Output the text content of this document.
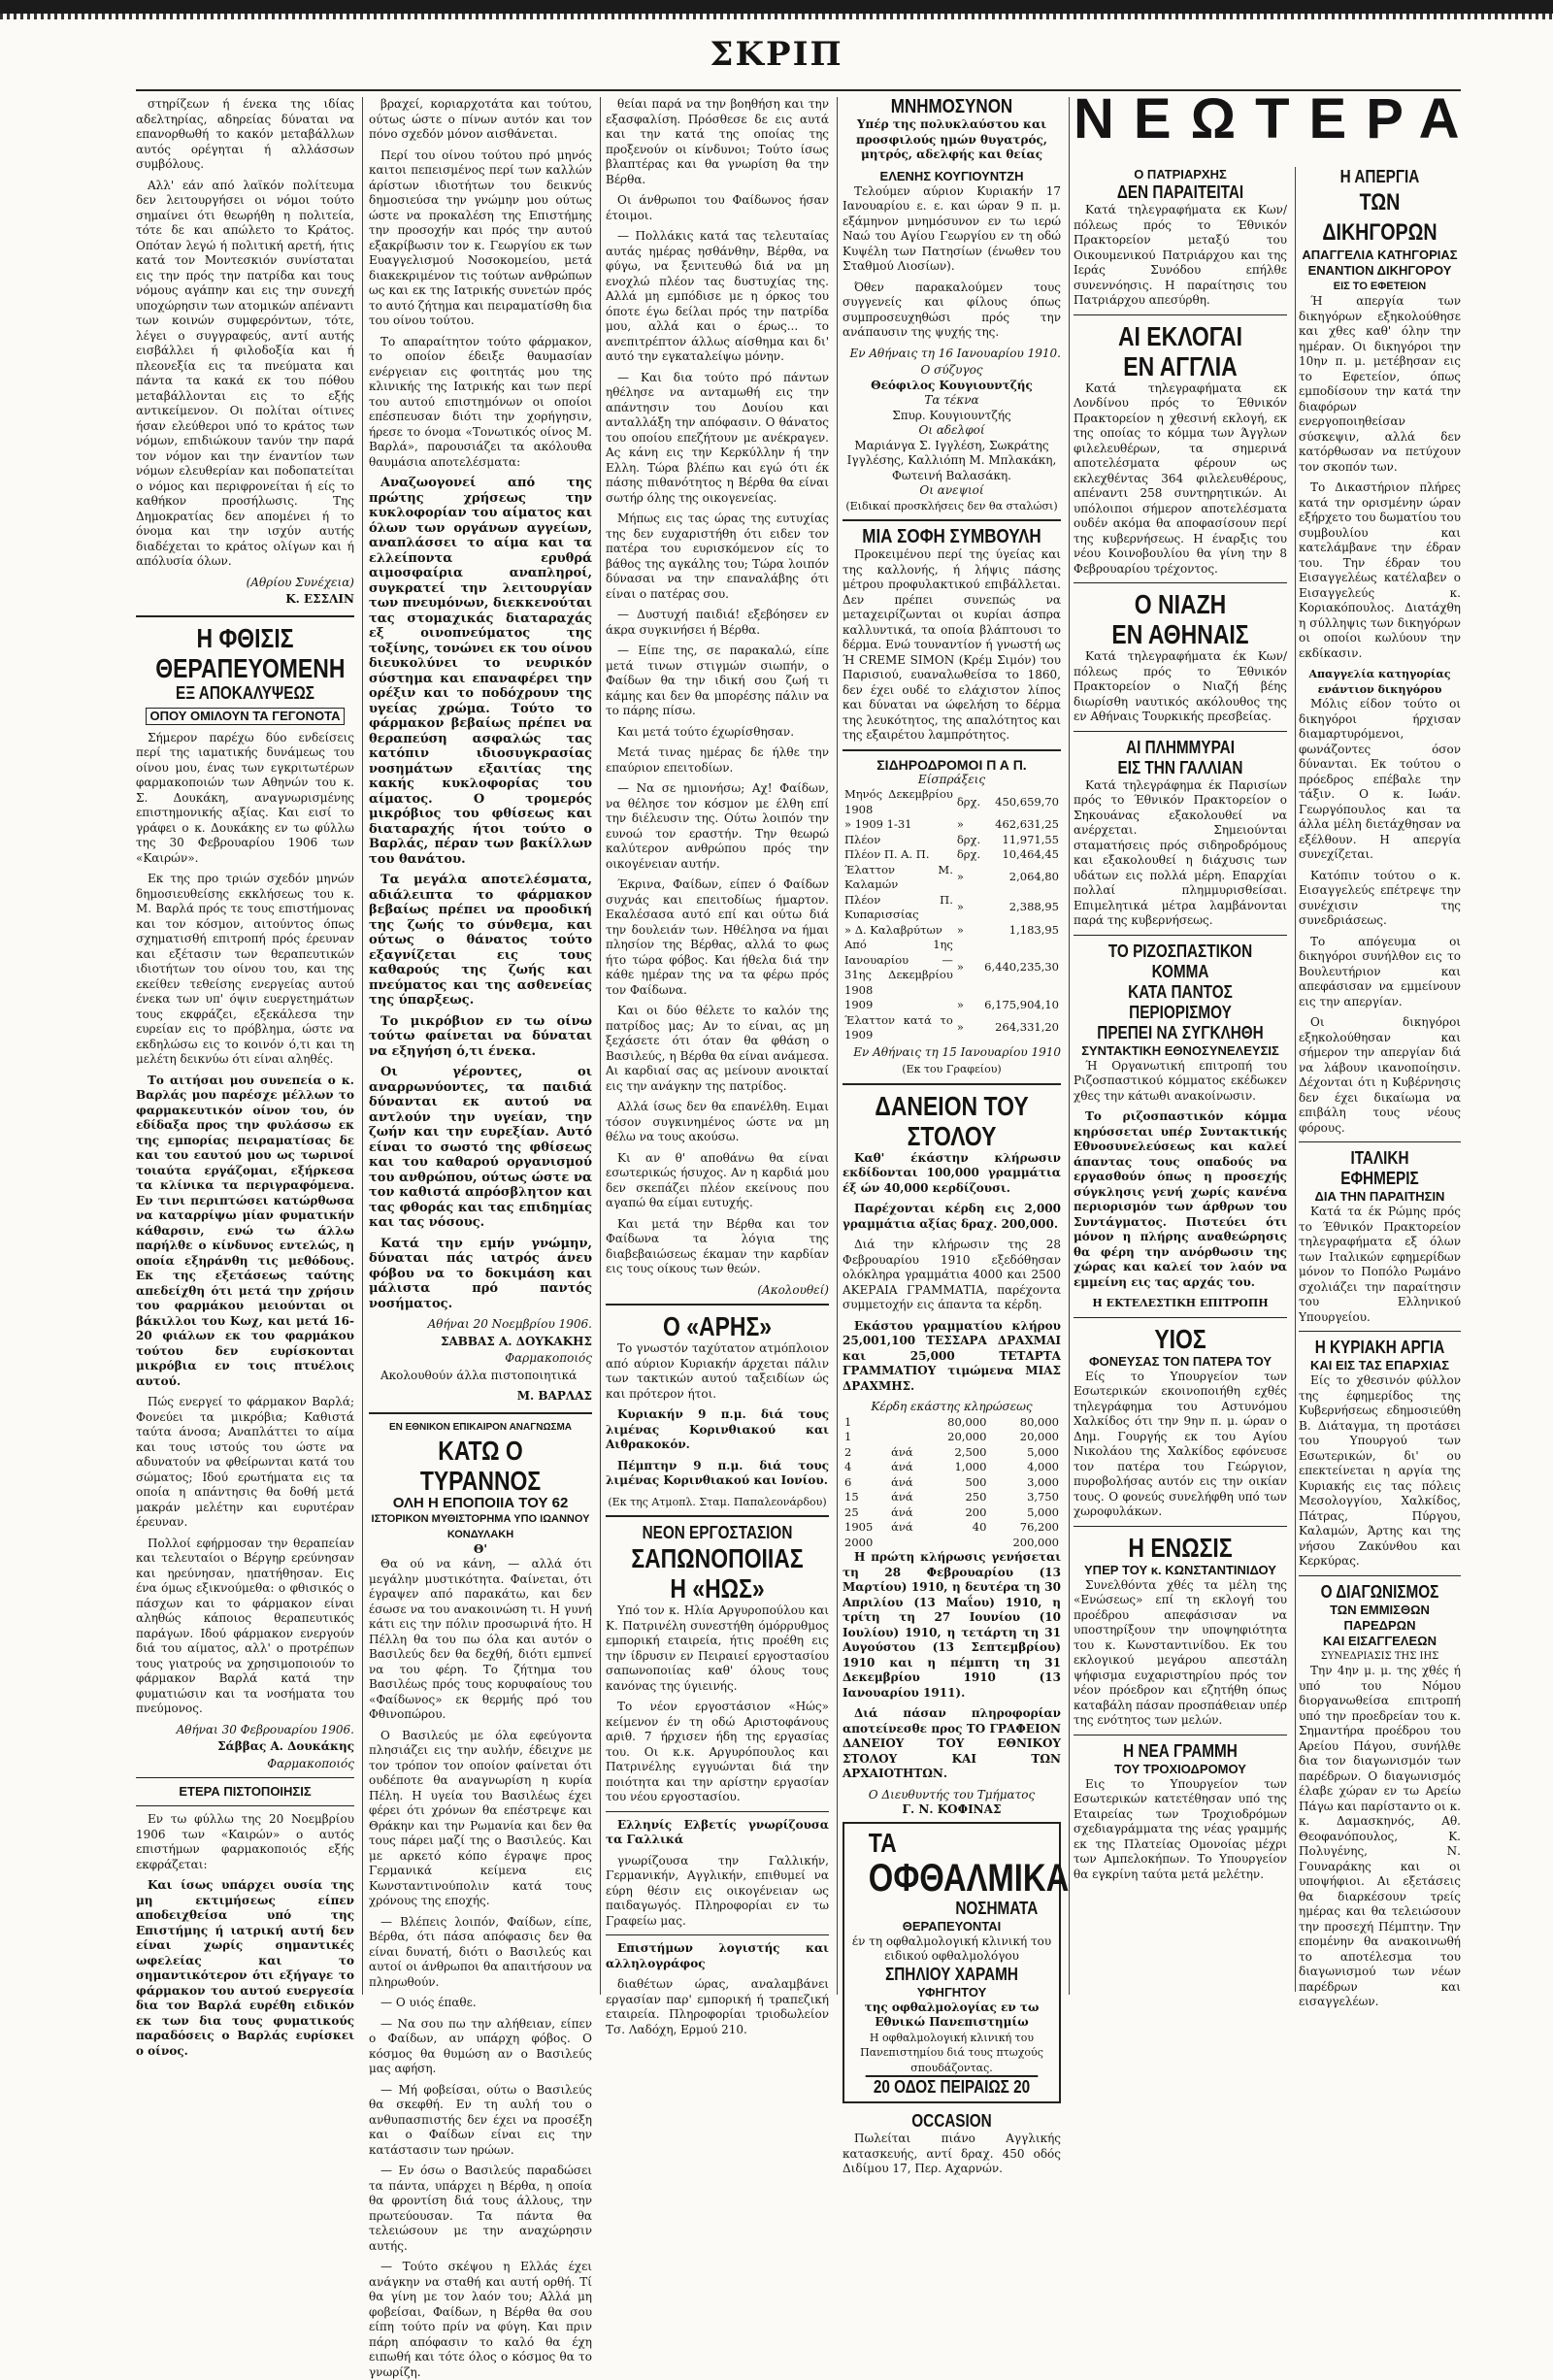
ΣΚΡΙΠ

στηρίζεων ή ένεκα της ιδίας αδελτηρίας, αδηρείας δύναται να επανορθωθή το κακόν μεταβάλλων αυτός ορέγηται ή αλλάσσων συμβόλους.

Αλλ' εάν από λαϊκόν πολίτευμα δεν λειτουργήσει οι νόμοι τούτο σημαίνει ότι θεωρήθη η πολιτεία, τότε δε και απώλετο το Κράτος. Οπόταν λεγώ ή πολιτική αρετή, ήτις κατά τον Μοντεσκιόν συνίσταται εις την πρός την πατρίδα και τους νόμους αγάπην και εις την συνεχή υποχώρησιν των ατομικών απέναντι των κοινών συμφερόντων, τότε, λέγει ο συγγραφεύς, αντί αυτής εισβάλλει ή φιλοδοξία και ή πλεονεξία εις τα πνεύματα και πάντα τα κακά εκ του πόθου μεταβάλλονται εις το εξής αντικείμενον. Οι πολίται οίτινες ήσαν ελεύθεροι υπό το κράτος των νόμων, επιδιώκουν τανύν την παρά τον νόμον και την έναντίον των νόμων ελευθερίαν και ποδοπατείται ο νόμος και περιφρονείται ή είς το καθήκον προσήλωσις. Της Δημοκρατίας δεν απομένει ή το όνομα και την ισχύν αυτής διαδέχεται το κράτος ολίγων και ή απόλυσία όλων.

(Αθρίου Συνέχεια)
Κ. ΕΣΣΛΙΝ
Η ΦΘΙΣΙΣ
ΘΕΡΑΠΕΥΟΜΕΝΗ
ΕΞ ΑΠΟΚΑΛΥΨΕΩΣ
ΟΠΟΥ ΟΜΙΛΟΥΝ ΤΑ ΓΕΓΟΝΟΤΑ

Σήμερον παρέχω δύο ενδείσεις περί της ιαματικής δυνάμεως του οίνου μου, ένας των εγκριτωτέρων φαρμακοποιών των Αθηνών του κ. Σ. Δουκάκη, αναγνωρισμένης επιστημονικής αξίας. Και εισί το γράφει ο κ. Δουκάκης εν τω φύλλω της 30 Φεβρουαρίου 1906 των «Καιρών».

Εκ της προ τριών σχεδόν μηνών δημοσιευθείσης εκκλήσεως του κ. Μ. Βαρλά πρός τε τους επιστήμονας και τον κόσμον, αιτούντος όπως σχηματισθή επιτροπή πρός έρευναν και εξέτασιν των θεραπευτικών ιδιοτήτων του οίνου του, και της εκείθεν τεθείσης ενεργείας αυτού ένεκα των υπ' όψιν ευεργετημάτων τους εκφράζει, εξεκάλεσα την ευρείαν εις το πρόβλημα, ώστε να εκδηλώσω εις το κοινόν ό,τι και τη μελέτη δεικνύω ότι είναι αληθές.

Το αιτήσαι μου συνεπεία ο κ. Βαρλάς μου παρέσχε μέλλων το φαρμακευτικόν οίνον του, όν εδίδαξα προς την φυλάσσω εκ της εμπορίας πειραματίσας δε και του εαυτού μου ως τωρινοί τοιαύτα εργάζομαι, εξήρκεσα τα κλίνικα τα περιγραφόμενα. Εν τινι περιπτώσει κατώρθωσα να καταρρίψω μίαν φυματικήν κάθαρσιν, ενώ τω άλλω παρήλθε ο κίνδυνος εντελώς, η οποία εξηράνθη τις μεθόδους. Εκ της εξετάσεως ταύτης απεδείχθη ότι μετά την χρήσιν του φαρμάκου μειούνται οι βάκιλλοι του Κωχ, και μετά 16-20 φιάλων εκ του φαρμάκου τούτου δεν ευρίσκονται μικρόβια εν τοις πτυέλοις αυτού.

Πώς ενεργεί το φάρμακον Βαρλά; Φονεύει τα μικρόβια; Καθιστά ταύτα άνοσα; Αναπλάττει το αίμα και τους ιστούς του ώστε να αδυνατούν να φθείρωνται κατά του σώματος; Ιδού ερωτήματα εις τα οποία η απάντησις θα δοθή μετά μακράν μελέτην και ευρυτέραν έρευναν.

Πολλοί εφήρμοσαν την θεραπείαν και τελευταίοι ο Βέργηρ ερεύνησαν και ηρεύνησαν, ηπατήθησαν. Εις ένα όμως εξικνούμεθα: ο φθισικός ο πάσχων και το φάρμακον είναι αληθώς κάποιος θεραπευτικός παράγων. Ιδού φάρμακον ενεργούν διά του αίματος, αλλ' ο προτρέπων τους γιατρούς να χρησιμοποιούν το φάρμακον Βαρλά κατά την φυματιώσιν και τα νοσήματα του πνεύμονος.

Αθήναι 30 Φεβρουαρίου 1906.
Σάββας Α. Δουκάκης
Φαρμακοποιός
ΕΤΕΡΑ ΠΙΣΤΟΠΟΙΗΣΙΣ

Εν τω φύλλω της 20 Νοεμβρίου 1906 των «Καιρών» ο αυτός επιστήμων φαρμακοποιός εξής εκφράζεται:

Και ίσως υπάρχει ουσία της μη εκτιμήσεως είπεν αποδειχθείσα υπό της Επιστήμης ή ιατρική αυτή δεν είναι χωρίς σημαντικές ωφελείας και το σημαντικότερον ότι εξήγαγε το φάρμακον του αυτού ευεργεσία δια τον Βαρλά ευρέθη ειδικόν εκ των δια τους φυματικούς παραδόσεις ο Βαρλάς ευρίσκει ο οίνος.

βραχεί, κοριαρχοτάτα και τούτου, ούτως ώστε ο πίνων αυτόν και τον πόνο σχεδόν μόνον αισθάνεται.

Περί του οίνου τούτου πρό μηνός καιτοι πεπεισμένος περί των καλλών άρίστων ιδιοτήτων του δεικνύς δημοσιεύσα την γνώμην μου ούτως ώστε να προκαλέση της Επιστήμης την προσοχήν και πρός την αυτού εξακρίβωσιν τον κ. Γεωργίου εκ των Ευαγγελισμού Νοσοκομείου, μετά διακεκριμένον τις τούτων ανθρώπων ως και εκ της Ιατρικής συνετών πρός το αυτό ζήτημα και πειραματίσθη δια του οίνου τούτου.

Το απαραίτητον τούτο φάρμακον, το οποίον έδειξε θαυμασίαν ενέργειαν εις φοιτητάς μου της κλινικής της Ιατρικής και των περί του αυτού επιστημόνων οι οποίοι επέσπευσαν διότι την χορήγησιν, ήρεσε το όνομα «Τονωτικός οίνος Μ. Βαρλά», παρουσιάζει τα ακόλουθα θαυμάσια αποτελέσματα:

Αναζωογονεί από της πρώτης χρήσεως την κυκλοφορίαν του αίματος και όλων των οργάνων αγγείων, αναπλάσσει το αίμα και τα ελλείποντα ερυθρά αιμοσφαίρια αναπληροί, συγκρατεί την λειτουργίαν των πνευμόνων, διεκκενούται τας στομαχικάς διαταραχάς εξ οινοπνεύματος της τοξίνης, τονώνει εκ του οίνου διευκολύνει το νευρικόν σύστημα και επαναφέρει την ορέξιν και το ποδόχρουν της υγείας χρώμα. Τούτο το φάρμακον βεβαίως πρέπει να θεραπεύση ασφαλώς τας κατόπιν ιδιοσυγκρασίας νοσημάτων εξαιτίας της κακής κυκλοφορίας του αίματος. Ο τρομερός μικρόβιος του φθίσεως και διαταραχής ήτοι τούτο ο Βαρλάς, πέραν των βακίλλων του θανάτου.

Τα μεγάλα αποτελέσματα, αδιάλειπτα το φάρμακον βεβαίως πρέπει να προοδική της ζωής το σύνθεμα, και ούτως ο θάνατος τούτο εξαγνίζεται εις τους καθαρούς της ζωής και πνεύματος και της ασθενείας της ύπαρξεως.

Το μικρόβιον εν τω οίνω τούτω φαίνεται να δύναται να εξηγήση ό,τι ένεκα.

Οι γέροντες, οι αναρρωνύοντες, τα παιδιά δύνανται εκ αυτού να αντλούν την υγείαν, την ζωήν και την ευρεξίαν. Αυτό είναι το σωστό της φθίσεως και του καθαρού οργανισμού του ανθρώπου, ούτως ώστε να τον καθιστά απρόσβλητον και τας φθοράς και τας επιδημίας και τας νόσους.

Κατά την εμήν γνώμην, δύναται πάς ιατρός άνευ φόβου να το δοκιμάση και μάλιστα πρό παντός νοσήματος.

Αθήναι 20 Νοεμβρίου 1906.
ΣΑΒΒΑΣ Α. ΔΟΥΚΑΚΗΣ
Φαρμακοποιός

Ακολουθούν άλλα πιστοποιητικά

Μ. ΒΑΡΛΑΣ
ΕΝ ΕΘΝΙΚΟΝ ΕΠΙΚΑΙΡΟΝ ΑΝΑΓΝΩΣΜΑ
ΚΑΤΩ Ο ΤΥΡΑΝΝΟΣ
ΟΛΗ Η ΕΠΟΠΟΙΙΑ ΤΟΥ 62
ΙΣΤΟΡΙΚΟΝ ΜΥΘΙΣΤΟΡΗΜΑ ΥΠΟ ΙΩΑΝΝΟΥ ΚΟΝΔΥΛΑΚΗ
Θ'

Θα ού να κάνη, — αλλά ότι μεγάλην μυστικότητα. Φαίνεται, ότι έγραψεν από παρακάτω, και δεν έσωσε να του ανακοινώση τι. Η γυνή κάτι εις την πόλιν προσωρινά ήτο. Η Πέλλη θα του πω όλα και αυτόν ο Βασιλεύς δεν θα δεχθή, διότι εμπνεί να του φέρη. Το ζήτημα του Βασιλέως πρός τους κορυφαίους του «Φαίδωνος» εκ θερμής πρό του Φθινοπώρου.

Ο Βασιλεύς με όλα εφεύγοντα πλησιάζει εις την αυλήν, έδειχνε με τον τρόπον τον οποίον φαίνεται ότι ουδέποτε θα αναγνωρίση η κυρία Πέλη. Η υγεία του Βασιλέως έχει φέρει ότι χρόνων θα επέστρεψε και Θράκην και την Ρωμανία και δεν θα τους πάρει μαζί της ο Βασιλεύς. Και με αρκετό κόπο έγραψε προς Γερμανικά κείμενα εις Κωνσταντινούπολιν κατά τους χρόνους της εποχής.

— Βλέπεις λοιπόν, Φαίδων, είπε, Βέρθα, ότι πάσα απόφασις δεν θα είναι δυνατή, διότι ο Βασιλεύς και αυτοί οι άνθρωποι θα απαιτήσουν να πληρωθούν.

— Ο υιός έπαθε.

— Να σου πω την αλήθειαν, είπεν ο Φαίδων, αν υπάρχη φόβος. Ο κόσμος θα θυμώση αν ο Βασιλεύς μας αφήση.

— Μή φοβείσαι, ούτω ο Βασιλεύς θα σκεφθή. Εν τη αυλή του ο ανθυπασπιστής δεν έχει να προσέξη και ο Φαίδων είναι εις την κατάστασιν των ηρώων.

— Εν όσω ο Βασιλεύς παραδώσει τα πάντα, υπάρχει η Βέρθα, η οποία θα φροντίση διά τους άλλους, την πρωτεύουσαν. Τα πάντα θα τελειώσουν με την αναχώρησιν αυτής.

— Τούτο σκέψου η Ελλάς έχει ανάγκην να σταθή και αυτή ορθή. Τί θα γίνη με τον λαόν του; Αλλά μη φοβείσαι, Φαίδων, η Βέρθα θα σου είπη τούτο πρίν να φύγη. Και πριν πάρη απόφασιν το καλό θα έχη ειπωθή και τότε όλος ο κόσμος θα το γνωρίζη.

θείαι παρά να την βοηθήση και την εξασφαλίση. Πρόσθεσε δε εις αυτά και την κατά της οποίας της προξενούν οι κίνδυνοι; Τούτο ίσως βλαπτέρας και θα γνωρίση θα την Βέρθα.

Οι άνθρωποι του Φαίδωνος ήσαν έτοιμοι.

— Πολλάκις κατά τας τελευταίας αυτάς ημέρας ησθάνθην, Βέρθα, να φύγω, να ξενιτευθώ διά να μη ενοχλώ πλέον τας δυστυχίας της. Αλλά μη εμπόδισε με η όρκος του όποτε έγω δείλαι πρός την πατρίδα μου, αλλά και ο έρως... το ανεπιτρέπτον άλλως αίσθημα και δι' αυτό την εγκαταλείψω μόνην.

— Και δια τούτο πρό πάντων ηθέλησε να ανταμωθή εις την απάντησιν του Δουίου και ανταλλάξη την απόφασιν. Ο θάνατος του οποίου επεζήτουν με ανέκραγεν. Ας κάνη εις την Κερκύλλην ή την Ελλη. Τώρα βλέπω και εγώ ότι έκ πάσης πιθανότητος η Βέρθα θα είναι σωτήρ όλης της οικογενείας.

Μήπως εις τας ώρας της ευτυχίας της δεν ευχαριστήθη ότι ειδεν τον πατέρα του ευρισκόμενον είς το βάθος της αγκάλης του; Τώρα λοιπόν δύνασαι να την επαναλάβης ότι είναι ο πατέρας σου.

— Δυστυχή παιδιά! εξεβόησεν εν άκρα συγκινήσει ή Βέρθα.

— Είπε της, σε παρακαλώ, είπε μετά τινων στιγμών σιωπήν, ο Φαίδων θα την ιδική σου ζωή τι κάμης και δεν θα μπορέσης πάλιν να το πάρης πίσω.

Και μετά τούτο έχωρίσθησαν.

Μετά τινας ημέρας δε ήλθε την επαύριον επειτοδίων.

— Να σε ημιονήσω; Αχ! Φαίδων, να θέλησε τον κόσμον με έλθη επί την διέλευσιν της. Ούτω λοιπόν την ευνοώ τον εραστήν. Την θεωρώ καλύτερον ανθρώπου πρός την οικογένειαν αυτήν.

Έκρινα, Φαίδων, είπεν ό Φαίδων συχνάς και επειτοδίως ήμαρτον. Εκαλέσασα αυτό επί και ούτω διά την δουλειάν των. Ηθέλησα να ήμαι πλησίον της Βέρθας, αλλά το φως ήτο τώρα φόβος. Και ήθελα διά την κάθε ημέραν της να τα φέρω πρός τον Φαίδωνα.

Και οι δύο θέλετε το καλόν της πατρίδος μας; Αν το είναι, ας μη ξεχάσετε ότι όταν θα φθάση ο Βασιλεύς, η Βέρθα θα είναι ανάμεσα. Αι καρδιαί σας ας μείνουν ανοικταί εις την ανάγκην της πατρίδος.

Αλλά ίσως δεν θα επανέλθη. Ειμαι τόσον συγκινημένος ώστε να μη θέλω να τους ακούσω.

Κι αν θ' αποθάνω θα είναι εσωτερικώς ήσυχος. Αν η καρδιά μου δεν σκεπάζει πλέον εκείνους που αγαπώ θα είμαι ευτυχής.

Και μετά την Βέρθα και τον Φαίδωνα τα λόγια της διαβεβαιώσεως έκαμαν την καρδίαν εις τους οίκους των θεών.

(Ακολουθεί)
Ο «ΑΡΗΣ»

Το γνωστόν ταχύτατον ατμόπλοιον από αύριον Κυριακήν άρχεται πάλιν των τακτικών αυτού ταξειδίων ώς και πρότερον ήτοι.

Κυριακήν 9 π.μ. διά τους λιμένας Κορινθιακού και Αιθρακοκόν.

Πέμπτην 9 π.μ. διά τους λιμένας Κορινθιακού και Ιονίου.

(Εκ της Ατμοπλ. Σταμ. Παπαλεονάρδου)
ΝΕΟΝ ΕΡΓΟΣΤΑΣΙΟΝ
ΣΑΠΩΝΟΠΟΙΙΑΣ
Η «ΗΩΣ»

Υπό τον κ. Ηλία Αργυροπούλου και Κ. Πατρινέλη συνεστήθη όμόρρυθμος εμπορική εταιρεία, ήτις προέθη εις την ίδρυσιν εν Πειραιεί εργοστασίου σαπωνοποιίας καθ' όλους τους κανόνας της ύγιεινής.

Το νέον εργοστάσιον «Ηώς» κείμενον έν τη οδώ Αριστοφάνους αριθ. 7 ήρχισεν ήδη της εργασίας του. Οι κ.κ. Αργυρόπουλος και Πατρινέλης εγγυώνται διά την ποιότητα και την αρίστην εργασίαν του νέου εργοστασίου.

Ελληνίς Ελβετίς γνωρίζουσα τα Γαλλικά

γνωρίζουσα την Γαλλικήν, Γερμανικήν, Αγγλικήν, επιθυμεί να εύρη θέσιν εις οικογένειαν ως παιδαγωγός. Πληροφορίαι εν τω Γραφείω μας.

Επιστήμων λογιστής και αλληλογράφος

διαθέτων ώρας, αναλαμβάνει εργασίαν παρ' εμπορική ή τραπεζική εταιρεία. Πληροφορίαι τριοδωλείον Τσ. Λαδόχη, Ερμού 210.

ΜΝΗΜΟΣΥΝΟΝ

Υπέρ της πολυκλαύστου και προσφιλούς ημών θυγατρός, μητρός, αδελφής και θείας

ΕΛΕΝΗΣ ΚΟΥΓΙΟΥΝΤΖΗ

Τελούμεν αύριον Κυριακήν 17 Ιανουαρίου ε. ε. και ώραν 9 π. μ. εξάμηνον μνημόσυνον εν τω ιερώ Ναώ του Αγίου Γεωργίου εν τη οδώ Κυψέλη των Πατησίων (ένωθεν του Σταθμού Λιοσίων).

Όθεν παρακαλούμεν τους συγγενείς και φίλους όπως συμπροσευχηθώσι πρός την ανάπαυσιν της ψυχής της.

Εν Αθήναις τη 16 Ιανουαρίου 1910.
Ο σύζυγος
Θεόφιλος Κουγιουντζής
Τα τέκνα
Σπυρ. Κουγιουντζής
Οι αδελφοί
Μαριάνγα Σ. Ιγγλέση, Σωκράτης Ιγγλέσης, Καλλιόπη Μ. Μπλακάκη, Φωτεινή Βαλασάκη.
Οι ανεψιοί
(Ειδικαί προσκλήσεις δεν θα σταλώσι)
ΜΙΑ ΣΟΦΗ ΣΥΜΒΟΥΛΗ

Προκειμένου περί της ύγείας και της καλλονής, ή λήψις πάσης μέτρου προφυλακτικού επιβάλλεται. Δεν πρέπει συνεπώς να μεταχειρίζωνται οι κυρίαι άσπρα καλλυντικά, τα οποία βλάπτουσι το δέρμα. Ενώ τουναντίον ή γνωστή ως Ή CREME SIMON (Κρέμ Σιμόν) του Παρισιού, ευαναλωθείσα το 1860, δεν έχει ουδέ το ελάχιστον λίπος και δύναται να ώφελήση το δέρμα της λευκότητος, της απαλότητος και της εξαιρέτου λαμπρότητος.

ΣΙΔΗΡΟΔΡΟΜΟΙ Π Α Π.
Είσπράξεις
Μηνός Δεκεμβρίου 1908	δρχ.	450,659,70
» 1909 1-31	»	462,631,25
Πλέον	δρχ.	11,971,55
Πλέον Π. Α. Π.	δρχ.	10,464,45
Έλαττον Μ. Καλαμών	»	2,064,80
Πλέον Π. Κυπαρισσίας	»	2,388,95
» Δ. Καλαβρύτων	»	1,183,95
Από 1ης Ιανουαρίου — 31ης Δεκεμβρίου 1908	»	6,440,235,30
1909	»	6,175,904,10
Έλαττον κατά το 1909	»	264,331,20
Εν Αθήναις τη 15 Ιανουαρίου 1910
(Εκ του Γραφείου)
ΔΑΝΕΙΟΝ ΤΟΥ ΣΤΟΛΟΥ

Καθ' έκάστην κλήρωσιν εκδίδονται 100,000 γραμμάτια έξ ών 40,000 κερδίζουσι.

Παρέχονται κέρδη εις 2,000 γραμμάτια αξίας δραχ. 200,000.

Διά την κλήρωσιν της 28 Φεβρουαρίου 1910 εξεδόθησαν ολόκληρα γραμμάτια 4000 και 2500 ΑΚΕΡΑΙΑ ΓΡΑΜΜΑΤΙΑ, παρέχοντα συμμετοχήν εις άπαντα τα κέρδη.

Εκάστου γραμματίου κλήρου 25,001,100 ΤΕΣΣΑΡΑ ΔΡΑΧΜΑΙ και 25,000 ΤΕΤΑΡΤΑ ΓΡΑΜΜΑΤΙΟΥ τιμώμενα ΜΙΑΣ ΔΡΑΧΜΗΣ.

Κέρδη εκάστης κληρώσεως
1		80,000	80,000
1		20,000	20,000
2	άνά	2,500	5,000
4	άνά	1,000	4,000
6	άνά	500	3,000
15	άνά	250	3,750
25	άνά	200	5,000
1905	άνά	40	76,200
2000			200,000

Η πρώτη κλήρωσις γενήσεται τη 28 Φεβρουαρίου (13 Μαρτίου) 1910, η δευτέρα τη 30 Απριλίου (13 Μαΐου) 1910, η τρίτη τη 27 Ιουνίου (10 Ιουλίου) 1910, η τετάρτη τη 31 Αυγούστου (13 Σεπτεμβρίου) 1910 και η πέμπτη τη 31 Δεκεμβρίου 1910 (13 Ιανουαρίου 1911).

Διά πάσαν πληροφορίαν αποτείνεσθε προς ΤΟ ΓΡΑΦΕΙΟΝ ΔΑΝΕΙΟΥ ΤΟΥ ΕΘΝΙΚΟΥ ΣΤΟΛΟΥ ΚΑΙ ΤΩΝ ΑΡΧΑΙΟΤΗΤΩΝ.

Ο Διευθυντής του Τμήματος
Γ. Ν. ΚΟΦΙΝΑΣ
ΤΑ
ΟΦΘΑΛΜΙΚΑ
ΝΟΣΗΜΑΤΑ
ΘΕΡΑΠΕΥΟΝΤΑΙ
έν τη οφθαλμολογική κλινική του ειδικού οφθαλμολόγου
ΣΠΗΛΙΟΥ ΧΑΡΑΜΗ
ΥΦΗΓΗΤΟΥ
της οφθαλμολογίας εν τω Εθνικώ Πανεπιστημίω
Η οφθαλμολογική κλινική του Πανεπιστημίου διά τους πτωχούς σπουδάζοντας.
20 ΟΔΟΣ ΠΕΙΡΑΙΩΣ 20
OCCASION

Πωλείται πιάνο Αγγλικής κατασκευής, αντί δραχ. 450 οδός Διδίμου 17, Περ. Αχαρνών.

ΝΕΩΤΕΡΑ
Ο ΠΑΤΡΙΑΡΧΗΣ
ΔΕΝ ΠΑΡΑΙΤΕΙΤΑΙ

Κατά τηλεγραφήματα εκ Κων/πόλεως πρός το Έθνικόν Πρακτορείον μεταξύ του Οικουμενικού Πατριάρχου και της Ιεράς Συνόδου επήλθε συνεννόησις. Η παραίτησις του Πατριάρχου απεσύρθη.

ΑΙ ΕΚΛΟΓΑΙ
ΕΝ ΑΓΓΛΙΑ

Κατά τηλεγραφήματα εκ Λονδίνου πρός το Έθνικόν Πρακτορείον η χθεσινή εκλογή, εκ της οποίας το κόμμα των Άγγλων φιλελευθέρων, τα σημερινά αποτελέσματα φέρουν ως εκλεχθέντας 364 φιλελευθέρους, απέναντι 258 συντηρητικών. Αι υπόλοιποι σήμερον αποτελέσματα ουδέν ακόμα θα αποφασίσουν περί της κυβερνήσεως. Η έναρξις του νέου Κοινοβουλίου θα γίνη την 8 Φεβρουαρίου τρέχοντος.

Ο ΝΙΑΖΗ
ΕΝ ΑΘΗΝΑΙΣ

Κατά τηλεγραφήματα έκ Κων/πόλεως πρός το Έθνικόν Πρακτορείον ο Νιαζή βέης διωρίσθη ναυτικός ακόλουθος της εν Αθήναις Τουρκικής πρεσβείας.

ΑΙ ΠΛΗΜΜΥΡΑΙ
ΕΙΣ ΤΗΝ ΓΑΛΛΙΑΝ

Κατά τηλεγράφημα έκ Παρισίων πρός το Έθνικόν Πρακτορείον ο Σηκουάνας εξακολουθεί να ανέρχεται. Σημειούνται σταματήσεις πρός σιδηροδρόμους και εξακολουθεί η διάχυσις των υδάτων εις πολλά μέρη. Επαρχίαι πολλαί πλημμυρισθείσαι. Επιμελητικά μέτρα λαμβάνονται παρά της κυβερνήσεως.

ΤΟ ΡΙΖΟΣΠΑΣΤΙΚΟΝ ΚΟΜΜΑ
ΚΑΤΑ ΠΑΝΤΟΣ ΠΕΡΙΟΡΙΣΜΟΥ
ΠΡΕΠΕΙ ΝΑ ΣΥΓΚΛΗΘΗ
ΣΥΝΤΑΚΤΙΚΗ ΕΘΝΟΣΥΝΕΛΕΥΣΙΣ

Ή Οργανωτική επιτροπή του Ριζοσπαστικού κόμματος εκέδωκεν χθες την κάτωθι ανακοίνωσιν.

Το ριζοσπαστικόν κόμμα κηρύσσεται υπέρ Συντακτικής Εθνοσυνελεύσεως και καλεί άπαντας τους οπαδούς να εργασθούν όπως η προσεχής σύγκλησις γενή χωρίς κανένα περιορισμόν των άρθρων του Συντάγματος. Πιστεύει ότι μόνον η πλήρης αναθεώρησις θα φέρη την ανόρθωσιν της χώρας και καλεί τον λαόν να εμμείνη εις τας αρχάς του.

Η ΕΚΤΕΛΕΣΤΙΚΗ ΕΠΙΤΡΟΠΗ
ΥΙΟΣ
ΦΟΝΕΥΣΑΣ ΤΟΝ ΠΑΤΕΡΑ ΤΟΥ

Είς το Υπουργείον των Εσωτερικών εκοινοποιήθη εχθές τηλεγράφημα του Αστυνόμου Χαλκίδος ότι την 9ην π. μ. ώραν ο Δημ. Γουργής εκ του Αγίου Νικολάου της Χαλκίδος εφόνευσε τον πατέρα του Γεώργιον, πυροβολήσας αυτόν εις την οικίαν τους. Ο φονεύς συνελήφθη υπό των χωροφυλάκων.

Η ΕΝΩΣΙΣ
ΥΠΕΡ ΤΟΥ κ. ΚΩΝΣΤΑΝΤΙΝΙΔΟΥ

Συνελθόντα χθές τα μέλη της «Ενώσεως» επί τη εκλογή του προέδρου απεφάσισαν να υποστηρίξουν την υποψηφιότητα του κ. Κωνσταντινίδου. Εκ του εκλογικού μεγάρου απεστάλη ψήφισμα ευχαριστηρίου πρός τον νέον πρόεδρον και εζητήθη όπως καταβάλη πάσαν προσπάθειαν υπέρ της ενότητος των μελών.

Η ΝΕΑ ΓΡΑΜΜΗ
ΤΟΥ ΤΡΟΧΙΟΔΡΟΜΟΥ

Εις το Υπουργείον των Εσωτερικών κατετέθησαν υπό της Εταιρείας των Τροχιοδρόμων σχεδιαγράμματα της νέας γραμμής εκ της Πλατείας Ομονοίας μέχρι των Αμπελοκήπων. Το Υπουργείον θα εγκρίνη ταύτα μετά μελέτην.

Η ΑΠΕΡΓΙΑ
ΤΩΝ ΔΙΚΗΓΟΡΩΝ
ΑΠΑΓΓΕΛΙΑ ΚΑΤΗΓΟΡΙΑΣ
ΕΝΑΝΤΙΟΝ ΔΙΚΗΓΟΡΟΥ
ΕΙΣ ΤΟ ΕΦΕΤΕΙΟΝ

Ή απεργία των δικηγόρων εξηκολούθησε και χθες καθ' όλην την ημέραν. Οι δικηγόροι την 10ην π. μ. μετέβησαν εις το Εφετείον, όπως εμποδίσουν την κατά την διαφόρων ενεργοποιηθείσαν σύσκεψιν, αλλά δεν κατόρθωσαν να πετύχουν τον σκοπόν των.

Το Δικαστήριον πλήρες κατά την ορισμένην ώραν εξήρχετο του δωματίου του συμβουλίου και κατελάμβανε την έδραν του. Την έδραν του Εισαγγελέως κατέλαβεν ο Εισαγγελεύς κ. Κοριακόπουλος. Διατάχθη η σύλληψις των δικηγόρων οι οποίοι κωλύουν την εκδίκασιν.

Απαγγελία κατηγορίας ενάντιον δικηγόρου

Μόλις είδον τούτο οι δικηγόροι ήρχισαν διαμαρτυρόμενοι, φωνάζοντες όσον δύνανται. Εκ τούτου ο πρόεδρος επέβαλε την τάξιν. Ο κ. Ιωάν. Γεωργόπουλος και τα άλλα μέλη διετάχθησαν να εξέλθουν. Η απεργία συνεχίζεται.

Κατόπιν τούτου ο κ. Εισαγγελεύς επέτρεψε την συνέχισιν της συνεδριάσεως.

Το απόγευμα οι δικηγόροι συνήλθον εις το Βουλευτήριον και απεφάσισαν να εμμείνουν εις την απεργίαν.

Οι δικηγόροι εξηκολούθησαν και σήμερον την απεργίαν διά να λάβουν ικανοποίησιν. Δέχονται ότι η Κυβέρνησις δεν έχει δικαίωμα να επιβάλη τους νέους φόρους.

ΙΤΑΛΙΚΗ ΕΦΗΜΕΡΙΣ
ΔΙΑ ΤΗΝ ΠΑΡΑΙΤΗΣΙΝ

Κατά τα έκ Ρώμης πρός το Έθνικόν Πρακτορείον τηλεγραφήματα εξ όλων των Ιταλικών εφημερίδων μόνον το Ποπόλο Ρωμάνο σχολιάζει την παραίτησιν του Ελληνικού Υπουργείου.

Η ΚΥΡΙΑΚΗ ΑΡΓΙΑ
ΚΑΙ ΕΙΣ ΤΑΣ ΕΠΑΡΧΙΑΣ

Είς το χθεσινόν φύλλον της έφημερίδος της Κυβερνήσεως εδημοσιεύθη Β. Διάταγμα, τη προτάσει του Υπουργού των Εσωτερικών, δι' ου επεκτείνεται η αργία της Κυριακής εις τας πόλεις Μεσολογγίου, Χαλκίδος, Πάτρας, Πύργου, Καλαμών, Άρτης και της νήσου Ζακύνθου και Κερκύρας.

Ο ΔΙΑΓΩΝΙΣΜΟΣ
ΤΩΝ ΕΜΜΙΣΘΩΝ ΠΑΡΕΔΡΩΝ
ΚΑΙ ΕΙΣΑΓΓΕΛΕΩΝ
ΣΥΝΕΔΡΙΑΣΙΣ ΤΗΣ ΙΗΣ

Την 4ην μ. μ. της χθές ή υπό του Νόμου διοργανωθείσα επιτροπή υπό την προεδρείαν του κ. Σημαντήρα προέδρου του Αρείου Πάγου, συνήλθε δια τον διαγωνισμόν των παρέδρων. Ο διαγωνισμός έλαβε χώραν εν τω Αρείω Πάγω και παρίσταντο οι κ. κ. Δαμασκηνός, Αθ. Θεοφανόπουλος, Κ. Πολυγένης, Ν. Γουναράκης και οι υποψήφιοι. Αι εξετάσεις θα διαρκέσουν τρείς ημέρας και θα τελειώσουν την προσεχή Πέμπτην. Την επομένην θα ανακοινωθή το αποτέλεσμα του διαγωνισμού των νέων παρέδρων και εισαγγελέων.
